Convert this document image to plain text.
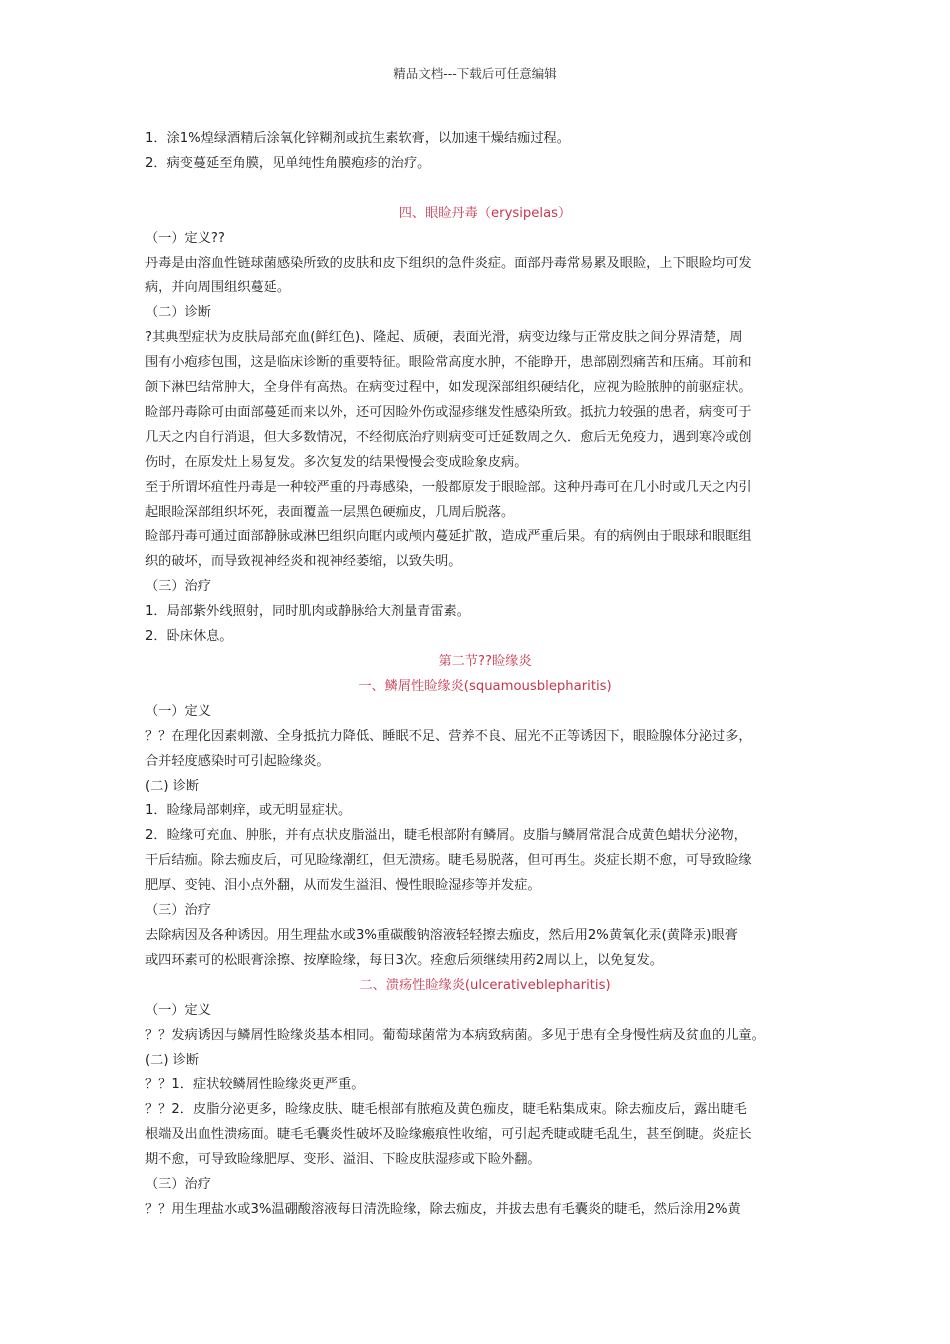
精品文档---下载后可任意编辑

1．涂1%煌绿酒精后涂氧化锌糊剂或抗生素软膏，以加速干燥结痂过程。

2．病变蔓延至角膜，见单纯性角膜疱疹的治疗。

四、眼睑丹毒（erysipelas）

（一）定义??

丹毒是由溶血性链球菌感染所致的皮肤和皮下组织的急件炎症。面部丹毒常易累及眼睑，上下眼睑均可发

病，并向周围组织蔓延。

（二）诊断

?其典型症状为皮肤局部充血(鲜红色)、隆起、质硬，表面光滑，病变边缘与正常皮肤之间分界清楚，周

围有小疱疹包围，这是临床诊断的重要特征。眼险常高度水肿，不能睁开，患部剧烈痛苦和压痛。耳前和

颌下淋巴结常肿大，全身伴有高热。在病变过程中，如发现深部组织硬结化，应视为睑脓肿的前驱症状。

睑部丹毒除可由面部蔓延而来以外，还可因睑外伤或湿疹继发性感染所致。抵抗力较强的患者，病变可于

几天之内自行消退，但大多数情况，不经彻底治疗则病变可迁延数周之久．愈后无免疫力，遇到寒冷或创

伤时，在原发灶上易复发。多次复发的结果慢慢会变成睑象皮病。

至于所谓坏疽性丹毒是一种较严重的丹毒感染，一般都原发于眼睑部。这种丹毒可在几小时或几天之内引

起眼睑深部组织坏死，表面覆盖一层黑色硬痂皮，几周后脱落。

睑部丹毒可通过面部静脉或淋巴组织向眶内或颅内蔓延扩散，造成严重后果。有的病例由于眼球和眼眶组

织的破坏，而导致视神经炎和视神经萎缩，以致失明。

（三）治疗

1．局部紫外线照射，同时肌肉或静脉给大剂量青雷素。

2．卧床休息。

第二节??睑缘炎

一、鳞屑性睑缘炎(squamousblepharitis)

（一）定义

？？在理化因素刺激、全身抵抗力降低、睡眠不足、营养不良、屈光不正等诱因下，眼睑腺体分泌过多，

合并轻度感染时可引起睑缘炎。

(二) 诊断

1．睑缘局部刺痒，或无明显症状。

2．睑缘可充血、肿胀，并有点状皮脂溢出，睫毛根部附有鳞屑。皮脂与鳞屑常混合成黄色蜡状分泌物，

干后结痂。除去痂皮后，可见睑缘潮红，但无溃疡。睫毛易脱落，但可再生。炎症长期不愈，可导致睑缘

肥厚、变钝、泪小点外翻，从而发生溢泪、慢性眼睑湿疹等并发症。

（三）治疗

去除病因及各种诱因。用生理盐水或3%重碳酸钠溶液轻轻擦去痂皮，然后用2%黄氧化汞(黄降汞)眼膏

或四环素可的松眼膏涂擦、按摩睑缘，每日3次。痊愈后须继续用药2周以上，以免复发。

二、溃疡性睑缘炎(ulcerativeblepharitis)

（一）定义

？？发病诱因与鳞屑性睑缘炎基本相同。葡萄球菌常为本病致病菌。多见于患有全身慢性病及贫血的儿童。

(二) 诊断

？？1．症状较鳞屑性睑缘炎更严重。

？？2．皮脂分泌更多，睑缘皮肤、睫毛根部有脓疱及黄色痂皮，睫毛粘集成束。除去痂皮后，露出睫毛

根端及出血性溃疡面。睫毛毛囊炎性破坏及睑缘瘢痕性收缩，可引起秃睫或睫毛乱生，甚至倒睫。炎症长

期不愈，可导致睑缘肥厚、变形、溢泪、下睑皮肤湿疹或下睑外翻。

（三）治疗

？？用生理盐水或3%温硼酸溶液每日清洗睑缘，除去痂皮，并拔去患有毛囊炎的睫毛，然后涂用2%黄
